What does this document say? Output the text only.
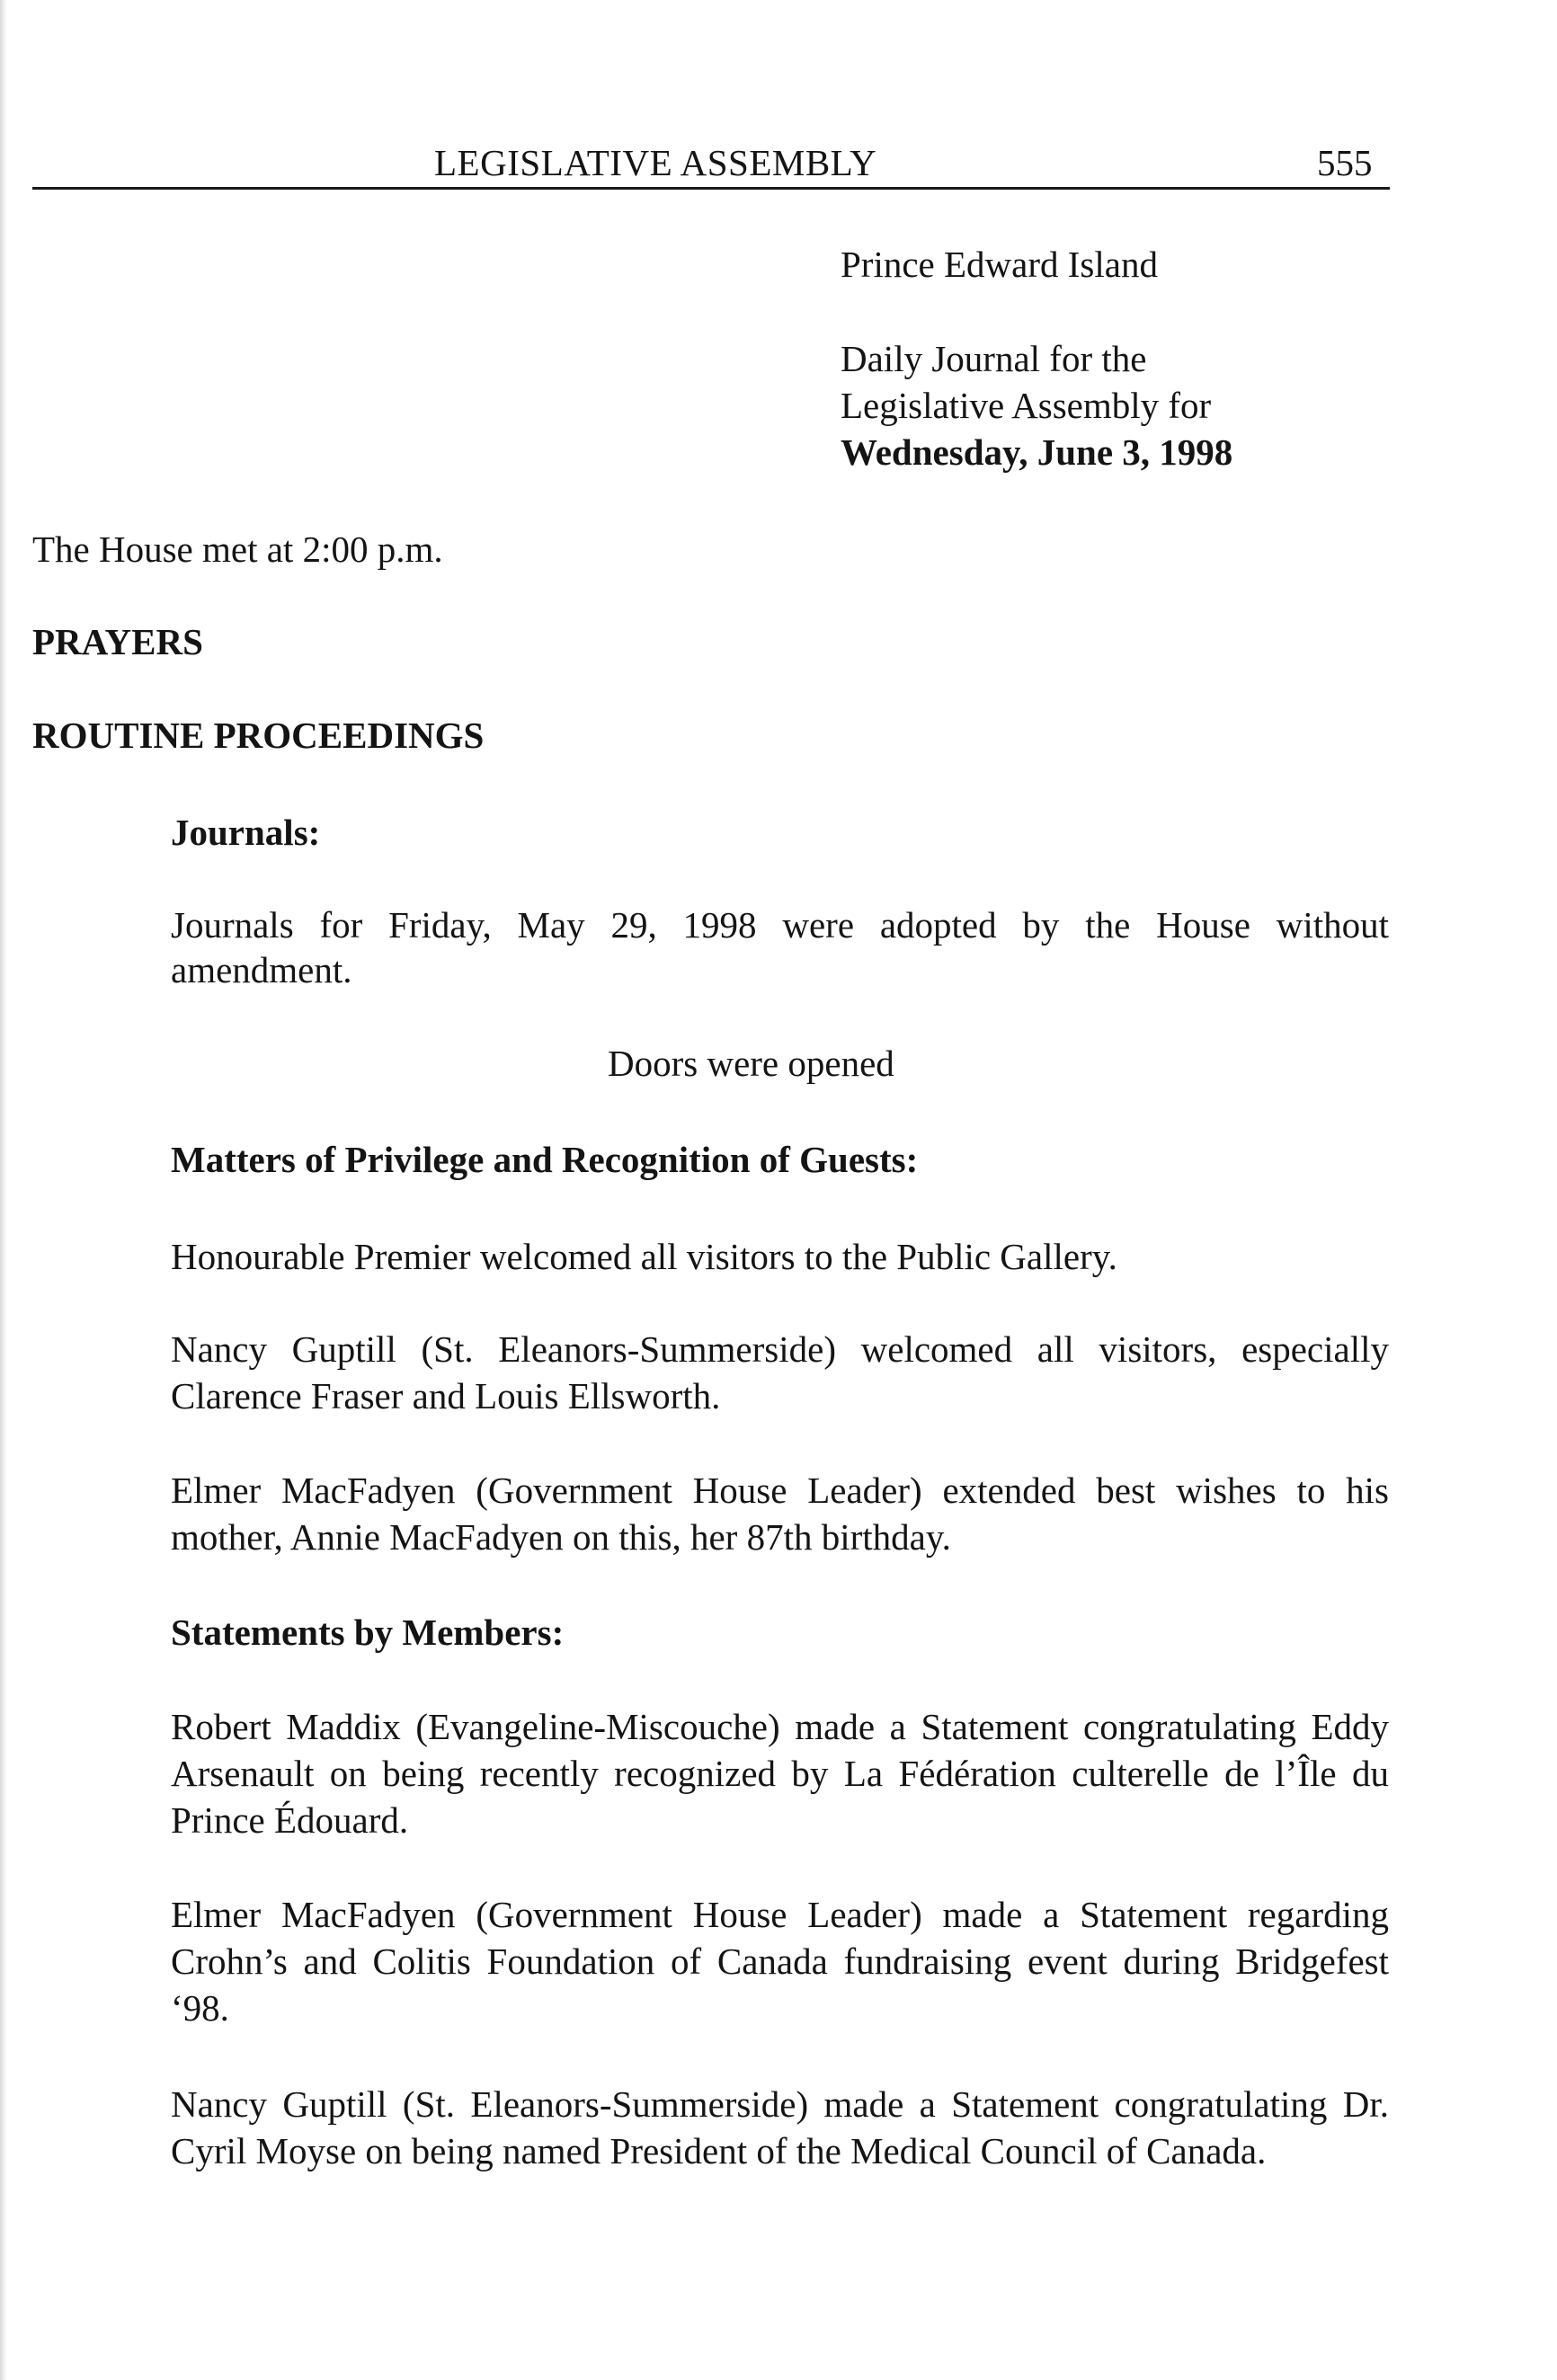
LEGISLATIVE ASSEMBLY	555

Prince Edward Island

Daily Journal for the

Legislative Assembly for

Wednesday, June 3, 1998

The House met at 2:00 p.m.

PRAYERS

ROUTINE PROCEEDINGS

Journals:

Journals for Friday, May 29, 1998 were adopted by the House without

amendment.

Doors were opened

Matters of Privilege and Recognition of Guests:

Honourable Premier welcomed all visitors to the Public Gallery.

Nancy Guptill (St. Eleanors-Summerside) welcomed all visitors, especially

Clarence Fraser and Louis Ellsworth.

Elmer MacFadyen (Government House Leader) extended best wishes to his

mother, Annie MacFadyen on this, her 87th birthday.

Statements by Members:

Robert Maddix (Evangeline-Miscouche) made a Statement congratulating Eddy

Arsenault on being recently recognized by La Fédération culterelle de l’Île du

Prince Édouard.

Elmer MacFadyen (Government House Leader) made a Statement regarding

Crohn’s and Colitis Foundation of Canada fundraising event during Bridgefest

‘98.

Nancy Guptill (St. Eleanors-Summerside) made a Statement congratulating Dr.

Cyril Moyse on being named President of the Medical Council of Canada.
